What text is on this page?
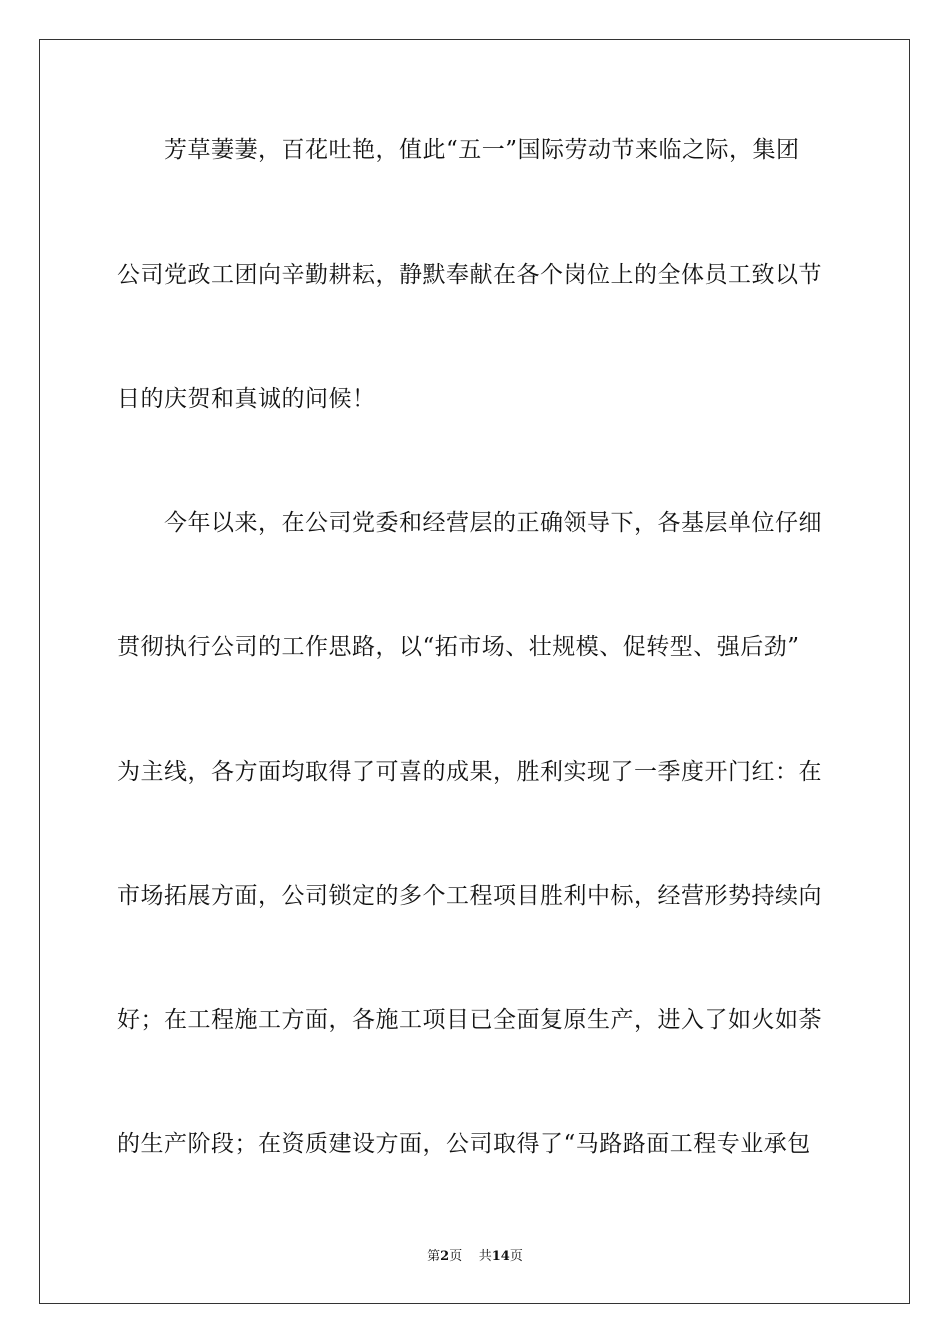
　　芳草萋萋，百花吐艳，值此“五一”国际劳动节来临之际，集团
公司党政工团向辛勤耕耘，静默奉献在各个岗位上的全体员工致以节
日的庆贺和真诚的问候！
　　今年以来，在公司党委和经营层的正确领导下，各基层单位仔细
贯彻执行公司的工作思路，以“拓市场、壮规模、促转型、强后劲”
为主线，各方面均取得了可喜的成果，胜利实现了一季度开门红：在
市场拓展方面，公司锁定的多个工程项目胜利中标，经营形势持续向
好；在工程施工方面，各施工项目已全面复原生产，进入了如火如荼
的生产阶段；在资质建设方面，公司取得了“马路路面工程专业承包
第2页 共14页
